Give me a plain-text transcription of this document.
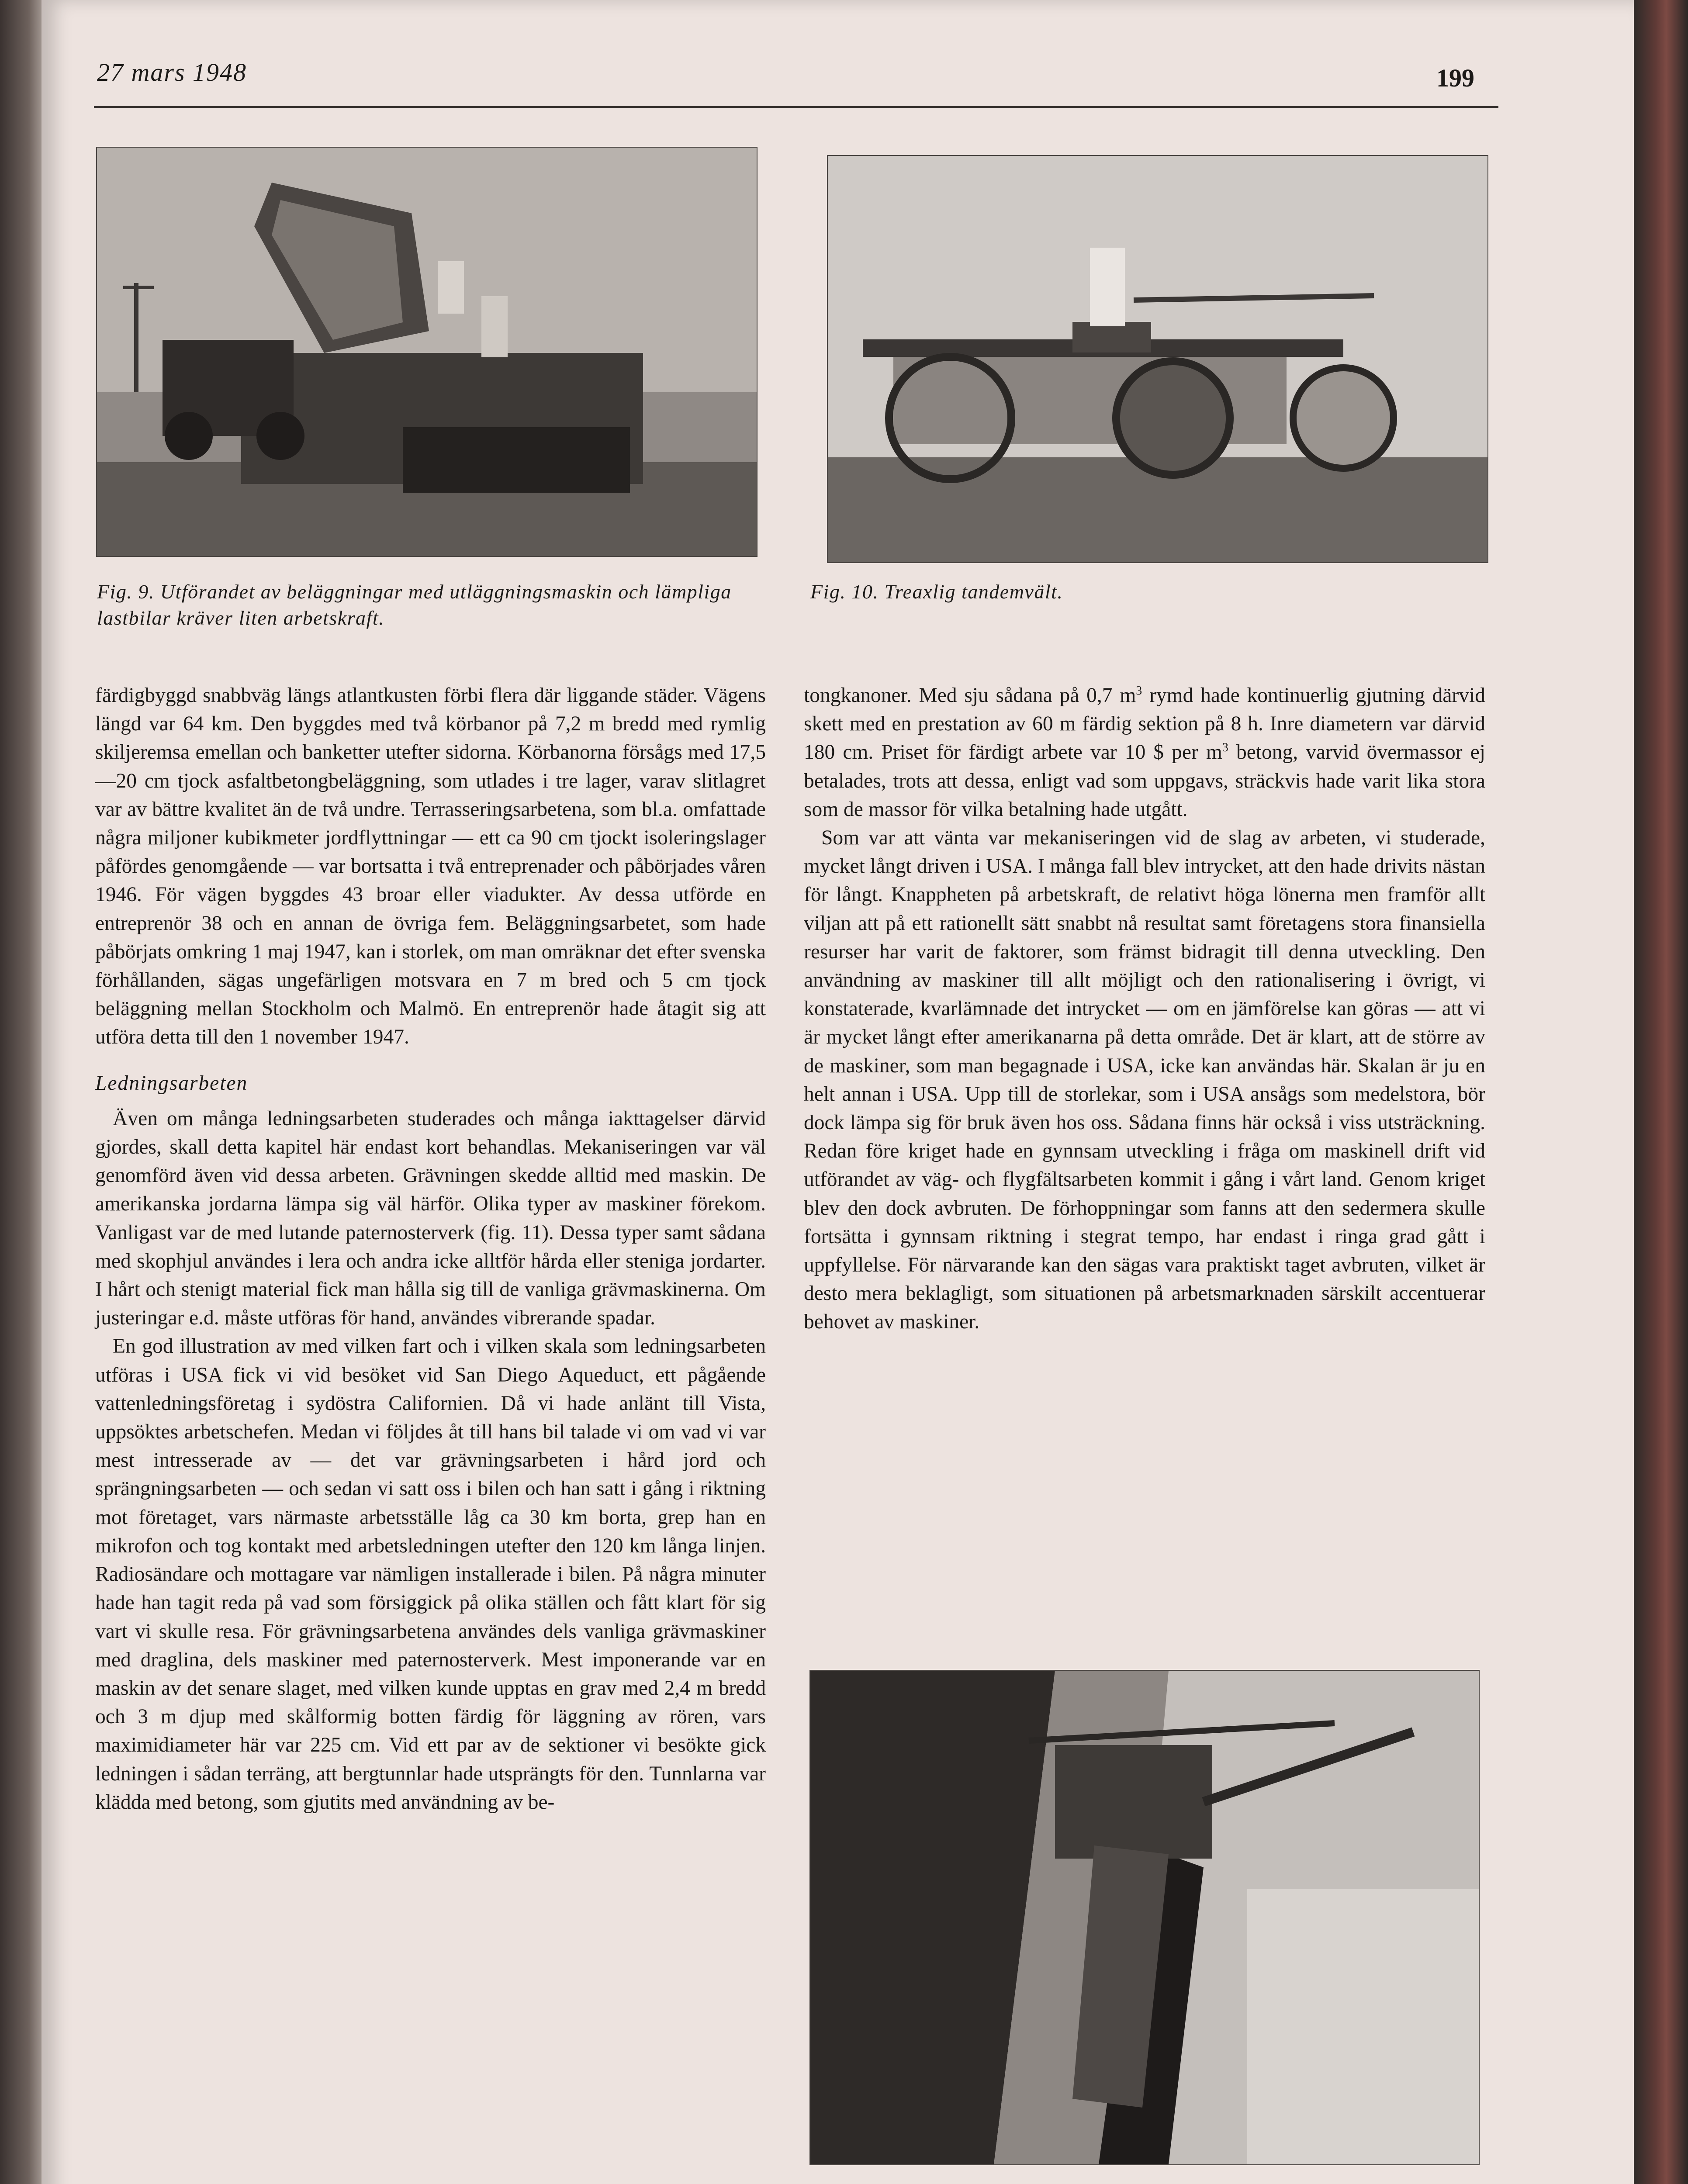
27 mars 1948	199
Fig. 9. Utförandet av beläggningar med utläggningsmaskin och lämpliga lastbilar kräver liten arbetskraft.
Fig. 10. Treaxlig tandemvält.

färdigbyggd snabbväg längs atlantkusten förbi flera där liggande städer. Vägens längd var 64 km. Den byggdes med två körbanor på 7,2 m bredd med rymlig skiljeremsa emellan och banketter utefter sidorna. Körbanorna försågs med 17,5—20 cm tjock asfaltbetongbeläggning, som utlades i tre lager, varav slitlagret var av bättre kvalitet än de två undre. Terrasseringsarbetena, som bl.a. omfattade några miljoner kubikmeter jordflyttningar — ett ca 90 cm tjockt isoleringslager påfördes genomgående — var bortsatta i två entreprenader och påbörjades våren 1946. För vägen byggdes 43 broar eller viadukter. Av dessa utförde en entreprenör 38 och en annan de övriga fem. Beläggningsarbetet, som hade påbörjats omkring 1 maj 1947, kan i storlek, om man omräknar det efter svenska förhållanden, sägas ungefärligen motsvara en 7 m bred och 5 cm tjock beläggning mellan Stockholm och Malmö. En entreprenör hade åtagit sig att utföra detta till den 1 november 1947.

Ledningsarbeten

Även om många ledningsarbeten studerades och många iakttagelser därvid gjordes, skall detta kapitel här endast kort behandlas. Mekaniseringen var väl genomförd även vid dessa arbeten. Grävningen skedde alltid med maskin. De amerikanska jordarna lämpa sig väl härför. Olika typer av maskiner förekom. Vanligast var de med lutande paternosterverk (fig. 11). Dessa typer samt sådana med skophjul användes i lera och andra icke alltför hårda eller steniga jordarter. I hårt och stenigt material fick man hålla sig till de vanliga grävmaskinerna. Om justeringar e.d. måste utföras för hand, användes vibrerande spadar.

En god illustration av med vilken fart och i vilken skala som ledningsarbeten utföras i USA fick vi vid besöket vid San Diego Aqueduct, ett pågående vattenledningsföretag i sydöstra Californien. Då vi hade anlänt till Vista, uppsöktes arbetschefen. Medan vi följdes åt till hans bil talade vi om vad vi var mest intresserade av — det var grävningsarbeten i hård jord och sprängningsarbeten — och sedan vi satt oss i bilen och han satt i gång i riktning mot företaget, vars närmaste arbetsställe låg ca 30 km borta, grep han en mikrofon och tog kontakt med arbetsledningen utefter den 120 km långa linjen. Radiosändare och mottagare var nämligen installerade i bilen. På några minuter hade han tagit reda på vad som försiggick på olika ställen och fått klart för sig vart vi skulle resa. För grävningsarbetena användes dels vanliga grävmaskiner med draglina, dels maskiner med paternosterverk. Mest imponerande var en maskin av det senare slaget, med vilken kunde upptas en grav med 2,4 m bredd och 3 m djup med skålformig botten färdig för läggning av rören, vars maximidiameter här var 225 cm. Vid ett par av de sektioner vi besökte gick ledningen i sådan terräng, att bergtunnlar hade utsprängts för den. Tunnlarna var klädda med betong, som gjutits med användning av be-

tongkanoner. Med sju sådana på 0,7 $m^3$ rymd hade kontinuerlig gjutning därvid skett med en prestation av 60 m färdig sektion på 8 h. Inre diametern var därvid 180 cm. Priset för färdigt arbete var 10 $ per $m^3$ betong, varvid övermassor ej betalades, trots att dessa, enligt vad som uppgavs, sträckvis hade varit lika stora som de massor för vilka betalning hade utgått.

Som var att vänta var mekaniseringen vid de slag av arbeten, vi studerade, mycket långt driven i USA. I många fall blev intrycket, att den hade drivits nästan för långt. Knappheten på arbetskraft, de relativt höga lönerna men framför allt viljan att på ett rationellt sätt snabbt nå resultat samt företagens stora finansiella resurser har varit de faktorer, som främst bidragit till denna utveckling. Den användning av maskiner till allt möjligt och den rationalisering i övrigt, vi konstaterade, kvarlämnade det intrycket — om en jämförelse kan göras — att vi är mycket långt efter amerikanarna på detta område. Det är klart, att de större av de maskiner, som man begagnade i USA, icke kan användas här. Skalan är ju en helt annan i USA. Upp till de storlekar, som i USA ansågs som medelstora, bör dock lämpa sig för bruk även hos oss. Sådana finns här också i viss utsträckning. Redan före kriget hade en gynnsam utveckling i fråga om maskinell drift vid utförandet av väg- och flygfältsarbeten kommit i gång i vårt land. Genom kriget blev den dock avbruten. De förhoppningar som fanns att den sedermera skulle fortsätta i gynnsam riktning i stegrat tempo, har endast i ringa grad gått i uppfyllelse. För närvarande kan den sägas vara praktiskt taget avbruten, vilket är desto mera beklagligt, som situationen på arbetsmarknaden särskilt accentuerar behovet av maskiner.
